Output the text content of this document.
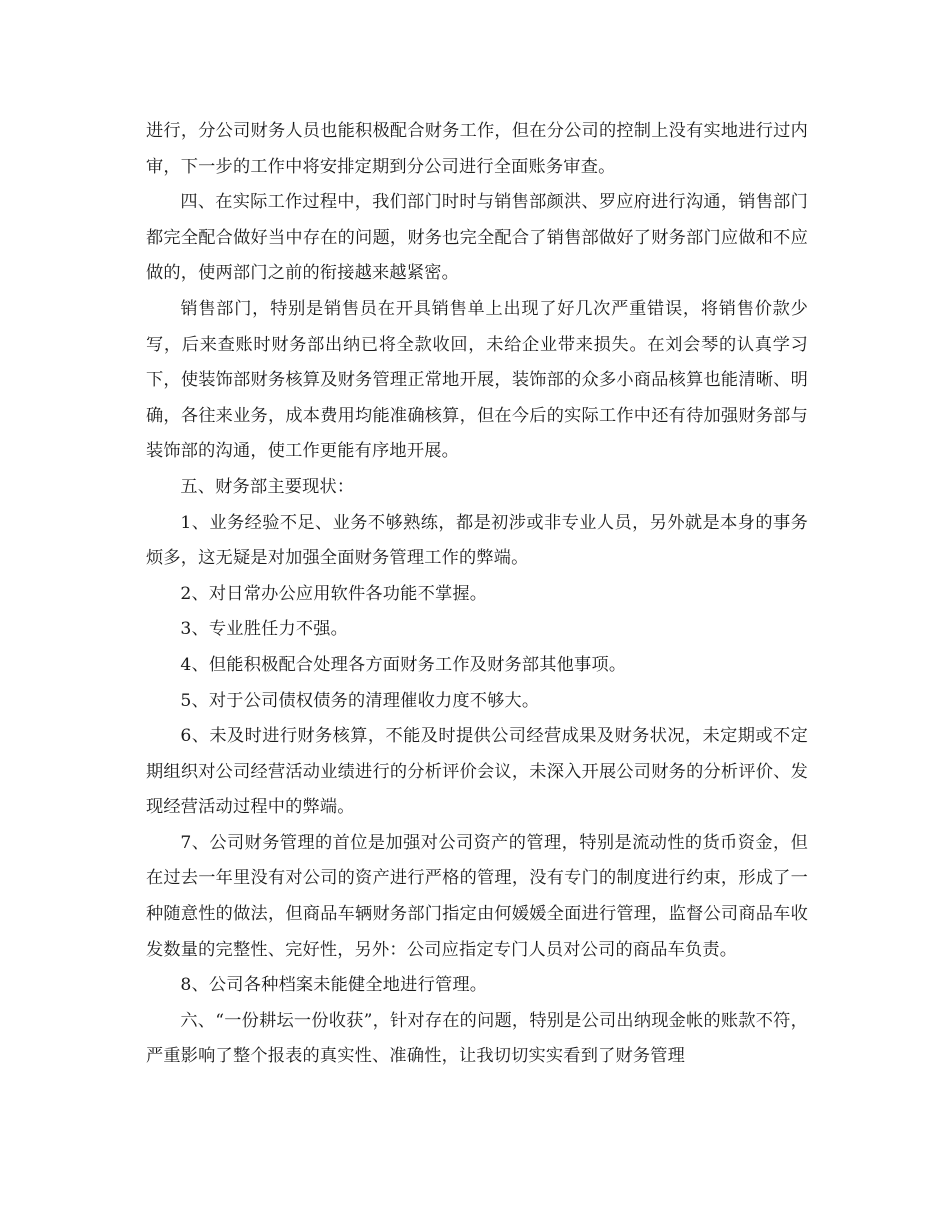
进行，分公司财务人员也能积极配合财务工作，但在分公司的控制上没有实地进行过内审，下一步的工作中将安排定期到分公司进行全面账务审查。

四、在实际工作过程中，我们部门时时与销售部颜洪、罗应府进行沟通，销售部门都完全配合做好当中存在的问题，财务也完全配合了销售部做好了财务部门应做和不应做的，使两部门之前的衔接越来越紧密。

销售部门，特别是销售员在开具销售单上出现了好几次严重错误，将销售价款少写，后来查账时财务部出纳已将全款收回，未给企业带来损失。在刘会琴的认真学习下，使装饰部财务核算及财务管理正常地开展，装饰部的众多小商品核算也能清晰、明确，各往来业务，成本费用均能准确核算，但在今后的实际工作中还有待加强财务部与装饰部的沟通，使工作更能有序地开展。

五、财务部主要现状：

1、业务经验不足、业务不够熟练，都是初涉或非专业人员，另外就是本身的事务烦多，这无疑是对加强全面财务管理工作的弊端。

2、对日常办公应用软件各功能不掌握。

3、专业胜任力不强。

4、但能积极配合处理各方面财务工作及财务部其他事项。

5、对于公司债权债务的清理催收力度不够大。

6、未及时进行财务核算，不能及时提供公司经营成果及财务状况，未定期或不定期组织对公司经营活动业绩进行的分析评价会议，未深入开展公司财务的分析评价、发现经营活动过程中的弊端。

7、公司财务管理的首位是加强对公司资产的管理，特别是流动性的货币资金，但在过去一年里没有对公司的资产进行严格的管理，没有专门的制度进行约束，形成了一种随意性的做法，但商品车辆财务部门指定由何媛媛全面进行管理，监督公司商品车收发数量的完整性、完好性，另外：公司应指定专门人员对公司的商品车负责。

8、公司各种档案未能健全地进行管理。

六、“一份耕坛一份收获”，针对存在的问题，特别是公司出纳现金帐的账款不符，严重影响了整个报表的真实性、准确性，让我切切实实看到了财务管理
